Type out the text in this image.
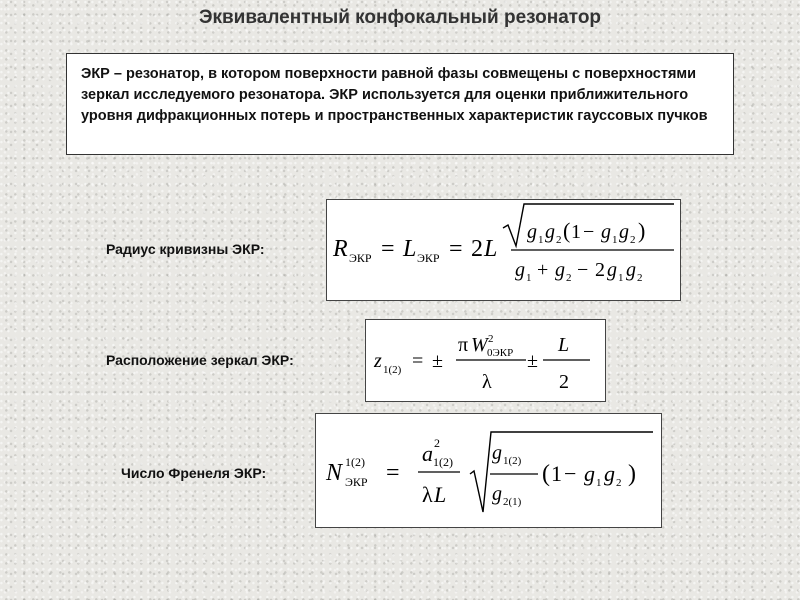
Эквивалентный конфокальный резонатор
ЭКР – резонатор, в котором поверхности равной фазы совмещены с поверхностями зеркал исследуемого резонатора. ЭКР используется для оценки приближительного уровня дифракционных потерь и пространственных характеристик гауссовых пучков
Радиус кривизны ЭКР:	R ЭКР = L ЭКР = 2 L
g 1 g 2 ( 1 − g 1 g 2 )
g 1 + g 2 − 2 g 1 g 2
Расположение зеркал ЭКР:	z 1(2) = ±
π W 2
0ЭКР
λ
±
L
2
Число Френеля ЭКР: N 1(2)
ЭКР =
a 2
1(2)
λ L
g 1(2)
g 2(1)
( 1 − g 1 g 2 )
